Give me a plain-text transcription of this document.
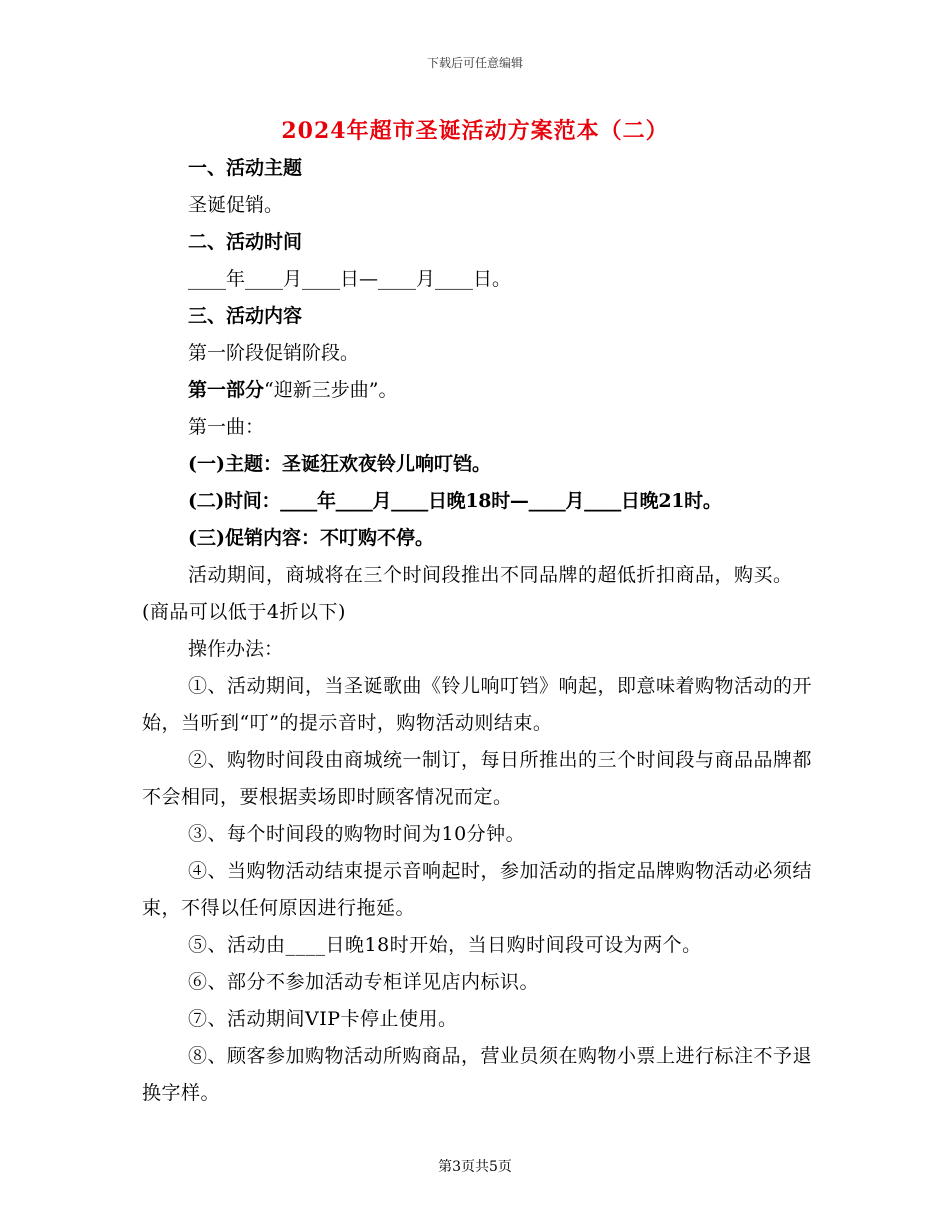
下载后可任意编辑
2024年超市圣诞活动方案范本（二）
一、活动主题
圣诞促销。
二、活动时间
____年____月____日—____月____日。
三、活动内容
第一阶段促销阶段。
第一部分“迎新三步曲”。
第一曲：
(一)主题：圣诞狂欢夜铃儿响叮铛。
(二)时间：____年____月____日晚18时—____月____日晚21时。
(三)促销内容：不叮购不停。
活动期间，商城将在三个时间段推出不同品牌的超低折扣商品，购买。(商品可以低于4折以下)
操作办法：
①、活动期间，当圣诞歌曲《铃儿响叮铛》响起，即意味着购物活动的开始，当听到“叮”的提示音时，购物活动则结束。
②、购物时间段由商城统一制订，每日所推出的三个时间段与商品品牌都不会相同，要根据卖场即时顾客情况而定。
③、每个时间段的购物时间为10分钟。
④、当购物活动结束提示音响起时，参加活动的指定品牌购物活动必须结束，不得以任何原因进行拖延。
⑤、活动由____日晚18时开始，当日购时间段可设为两个。
⑥、部分不参加活动专柜详见店内标识。
⑦、活动期间VIP卡停止使用。
⑧、顾客参加购物活动所购商品，营业员须在购物小票上进行标注不予退换字样。
第3页共5页
